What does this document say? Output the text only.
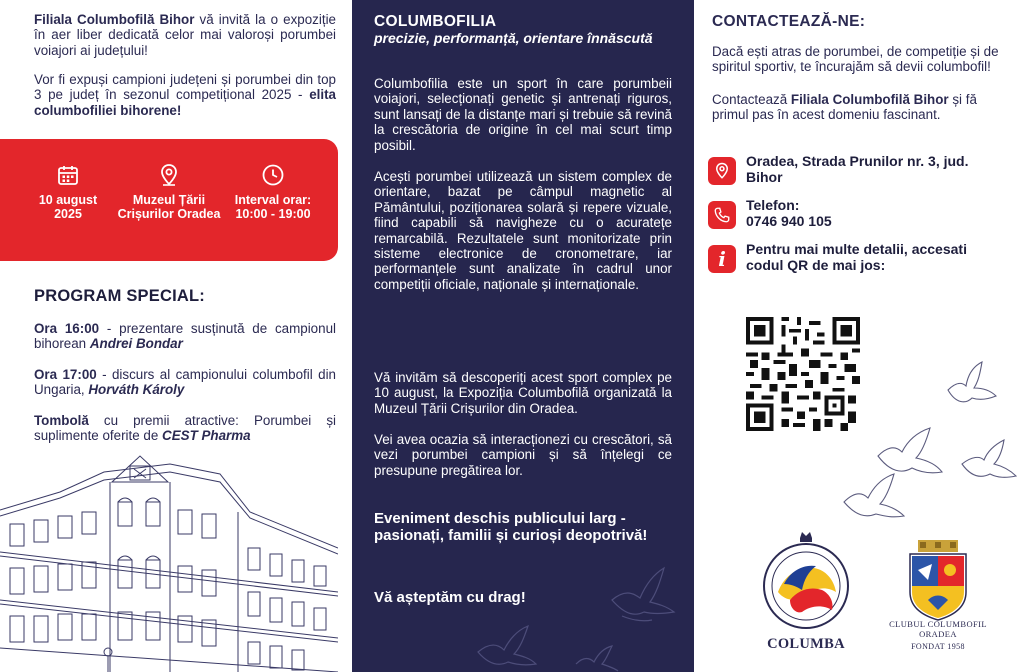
Filiala Columbofilă Bihor vă invită la o expoziție în aer liber dedicată celor mai valoroși porumbei voiajori ai județului!

Vor fi expuși campioni județeni și porumbei din top 3 pe județ în sezonul competițional 2025 - elita columbofiliei bihorene!

10 august 2025
Muzeul Țării Crișurilor Oradea
Interval orar:
10:00 - 19:00
PROGRAM SPECIAL:

Ora 16:00 - prezentare susținută de campionul bihorean Andrei Bondar

Ora 17:00 - discurs al campionului columbofil din Ungaria, Horváth Károly

Tombolă cu premii atractive: Porumbei și suplimente oferite de CEST Pharma

COLUMBOFILIA
precizie, performanță, orientare înnăscută

Columbofilia este un sport în care porumbeii voiajori, selecționați genetic și antrenați riguros, sunt lansați de la distanțe mari și trebuie să revină la crescătoria de origine în cel mai scurt timp posibil.

Acești porumbei utilizează un sistem complex de orientare, bazat pe câmpul magnetic al Pământului, poziționarea solară și repere vizuale, fiind capabili să navigheze cu o acuratețe remarcabilă. Rezultatele sunt monitorizate prin sisteme electronice de cronometrare, iar performanțele sunt analizate în cadrul unor competiții oficiale, naționale și internaționale.

Vă invităm să descoperiți acest sport complex pe 10 august, la Expoziția Columbofilă organizată la Muzeul Țării Crișurilor din Oradea.

Vei avea ocazia să interacționezi cu crescători, să vezi porumbei campioni și să înțelegi ce presupune pregătirea lor.

Eveniment deschis publicului larg - pasionați, familii și curioși deopotrivă!
Vă așteptăm cu drag!
CONTACTEAZĂ-NE:

Dacă ești atras de porumbei, de competiție și de spiritul sportiv, te încurajăm să devii columbofil!

Contactează Filiala Columbofilă Bihor și fă primul pas în acest domeniu fascinant.

Oradea, Strada Prunilor nr. 3, jud. Bihor
Telefon:
0746 940 105
i Pentru mai multe detalii, accesati codul QR de mai jos:
COLUMBA
CLUBUL COLUMBOFIL
ORADEA
FONDAT 1958
